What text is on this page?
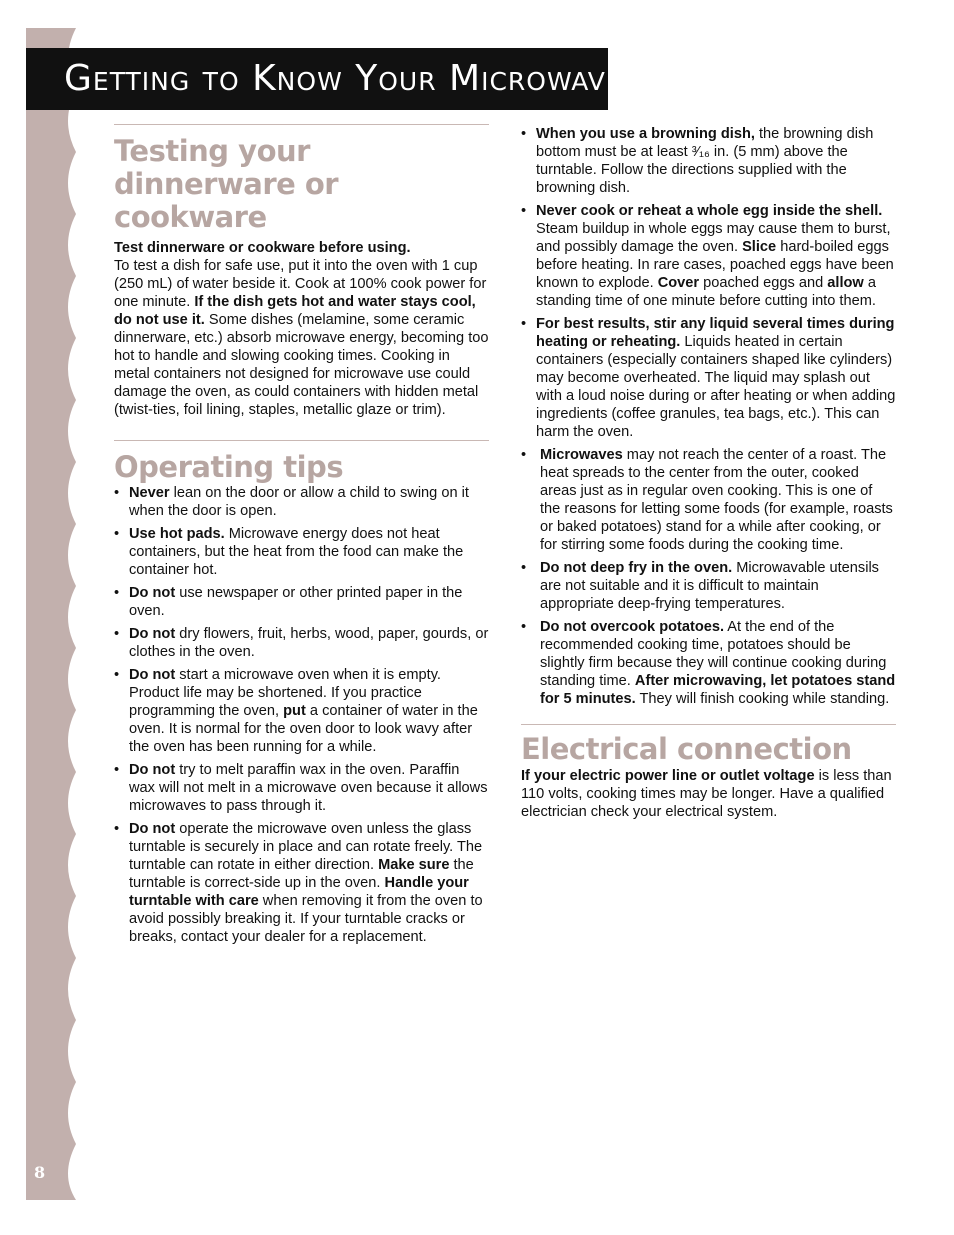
Getting to Know Your Microwave Oven
8
Testing your dinnerware or cookware

Test dinnerware or cookware before using.
To test a dish for safe use, put it into the oven with 1 cup (250 mL) of water beside it. Cook at 100% cook power for one minute. If the dish gets hot and water stays cool, do not use it. Some dishes (melamine, some ceramic dinnerware, etc.) absorb microwave energy, becoming too hot to handle and slowing cooking times. Cooking in metal containers not designed for microwave use could damage the oven, as could containers with hidden metal (twist-ties, foil lining, staples, metallic glaze or trim).

Operating tips
• Never lean on the door or allow a child to swing on it when the door is open.
• Use hot pads. Microwave energy does not heat containers, but the heat from the food can make the container hot.
• Do not use newspaper or other printed paper in the oven.
• Do not dry flowers, fruit, herbs, wood, paper, gourds, or clothes in the oven.
• Do not start a microwave oven when it is empty. Product life may be shortened. If you practice programming the oven, put a container of water in the oven. It is normal for the oven door to look wavy after the oven has been running for a while.
• Do not try to melt paraffin wax in the oven. Paraffin wax will not melt in a microwave oven because it allows microwaves to pass through it.
• Do not operate the microwave oven unless the glass turntable is securely in place and can rotate freely. The turntable can rotate in either direction. Make sure the turntable is correct-side up in the oven. Handle your turntable with care when removing it from the oven to avoid possibly breaking it. If your turntable cracks or breaks, contact your dealer for a replacement.
• When you use a browning dish, the browning dish bottom must be at least ³⁄₁₆ in. (5 mm) above the turntable. Follow the directions supplied with the browning dish.
• Never cook or reheat a whole egg inside the shell. Steam buildup in whole eggs may cause them to burst, and possibly damage the oven. Slice hard-boiled eggs before heating. In rare cases, poached eggs have been known to explode. Cover poached eggs and allow a standing time of one minute before cutting into them.
• For best results, stir any liquid several times during heating or reheating. Liquids heated in certain containers (especially containers shaped like cylinders) may become overheated. The liquid may splash out with a loud noise during or after heating or when adding ingredients (coffee granules, tea bags, etc.). This can harm the oven.
• Microwaves may not reach the center of a roast. The heat spreads to the center from the outer, cooked areas just as in regular oven cooking. This is one of the reasons for letting some foods (for example, roasts or baked potatoes) stand for a while after cooking, or for stirring some foods during the cooking time.
• Do not deep fry in the oven. Microwavable utensils are not suitable and it is difficult to maintain appropriate deep-frying temperatures.
• Do not overcook potatoes. At the end of the recommended cooking time, potatoes should be slightly firm because they will continue cooking during standing time. After microwaving, let potatoes stand for 5 minutes. They will finish cooking while standing.
Electrical connection

If your electric power line or outlet voltage is less than 110 volts, cooking times may be longer. Have a qualified electrician check your electrical system.
